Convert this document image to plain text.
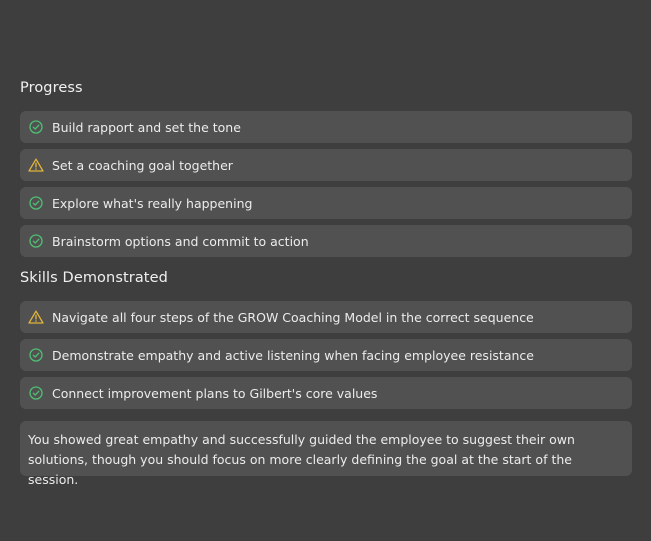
Progress
Build rapport and set the tone
Set a coaching goal together
Explore what's really happening
Brainstorm options and commit to action
Skills Demonstrated
Navigate all four steps of the GROW Coaching Model in the correct sequence
Demonstrate empathy and active listening when facing employee resistance
Connect improvement plans to Gilbert's core values
You showed great empathy and successfully guided the employee to suggest their own solutions, though you should focus on more clearly defining the goal at the start of the session.
